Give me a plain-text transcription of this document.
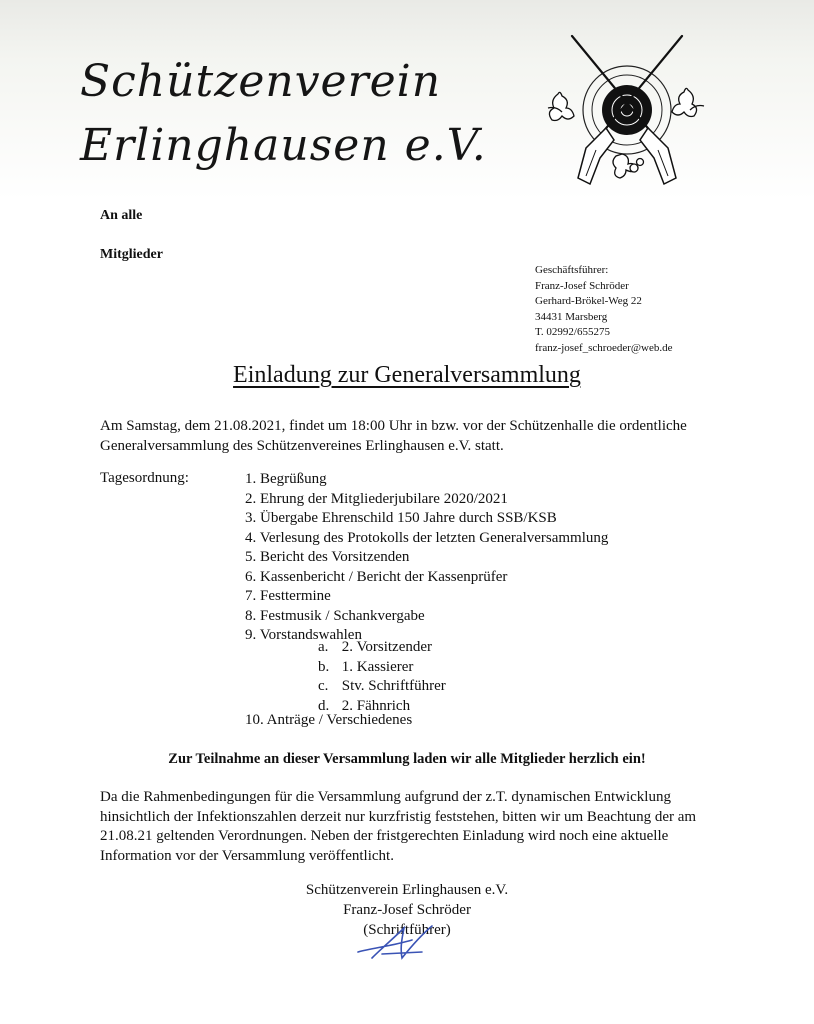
Schützenverein
Erlinghausen e.V.
An alle
Mitglieder
Geschäftsführer:
Franz-Josef Schröder
Gerhard-Brökel-Weg 22
34431 Marsberg
T. 02992/655275
franz-josef_schroeder@web.de
Einladung zur Generalversammlung
Am Samstag, dem 21.08.2021, findet um 18:00 Uhr in bzw. vor der Schützenhalle die ordentliche Generalversammlung des Schützenvereines Erlinghausen e.V. statt.
Tagesordnung:	1. Begrüßung
2. Ehrung der Mitgliederjubilare 2020/2021
3. Übergabe Ehrenschild 150 Jahre durch SSB/KSB
4. Verlesung des Protokolls der letzten Generalversammlung
5. Bericht des Vorsitzenden
6. Kassenbericht / Bericht der Kassenprüfer
7. Festtermine
8. Festmusik / Schankvergabe
9. Vorstandswahlen
a. 2. Vorsitzender
b. 1. Kassierer
c. Stv. Schriftführer
d. 2. Fähnrich
10. Anträge / Verschiedenes
Zur Teilnahme an dieser Versammlung laden wir alle Mitglieder herzlich ein!
Da die Rahmenbedingungen für die Versammlung aufgrund der z.T. dynamischen Entwicklung hinsichtlich der Infektionszahlen derzeit nur kurzfristig feststehen, bitten wir um Beachtung der am 21.08.21 geltenden Verordnungen. Neben der fristgerechten Einladung wird noch eine aktuelle Information vor der Versammlung veröffentlicht.
Schützenverein Erlinghausen e.V.
Franz-Josef Schröder
(Schriftführer)
